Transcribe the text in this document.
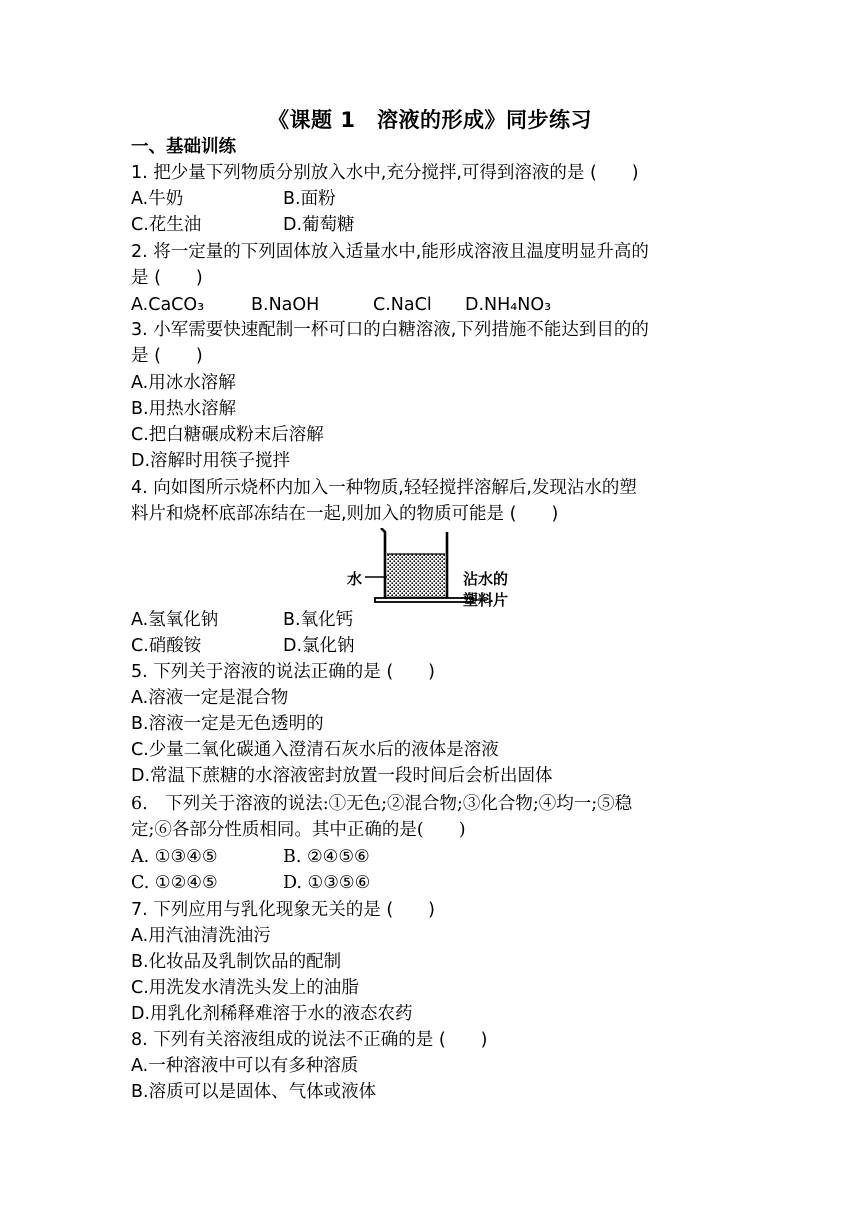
《课题 1　溶液的形成》同步练习
一、基础训练
1. 把少量下列物质分别放入水中,充分搅拌,可得到溶液的是 (　　)
A.牛奶	B.面粉
C.花生油	D.葡萄糖
2. 将一定量的下列固体放入适量水中,能形成溶液且温度明显升高的
是 (　　)
A.CaCO₃	B.NaOH	C.NaCl D.NH₄NO₃
3. 小军需要快速配制一杯可口的白糖溶液,下列措施不能达到目的的
是 (　　)
A.用冰水溶解
B.用热水溶解
C.把白糖碾成粉末后溶解
D.溶解时用筷子搅拌
4. 向如图所示烧杯内加入一种物质,轻轻搅拌溶解后,发现沾水的塑
料片和烧杯底部冻结在一起,则加入的物质可能是 (　　)
水	沾水的
塑料片
A.氢氧化钠	B.氧化钙
C.硝酸铵	D.氯化钠
5. 下列关于溶液的说法正确的是 (　　)
A.溶液一定是混合物
B.溶液一定是无色透明的
C.少量二氧化碳通入澄清石灰水后的液体是溶液
D.常温下蔗糖的水溶液密封放置一段时间后会析出固体
6.　下列关于溶液的说法:①无色;②混合物;③化合物;④均一;⑤稳
定;⑥各部分性质相同。其中正确的是(　　)
A. ①③④⑤	B. ②④⑤⑥
C. ①②④⑤	D. ①③⑤⑥
7. 下列应用与乳化现象无关的是 (　　)
A.用汽油清洗油污
B.化妆品及乳制饮品的配制
C.用洗发水清洗头发上的油脂
D.用乳化剂稀释难溶于水的液态农药
8. 下列有关溶液组成的说法不正确的是 (　　)
A.一种溶液中可以有多种溶质
B.溶质可以是固体、气体或液体
